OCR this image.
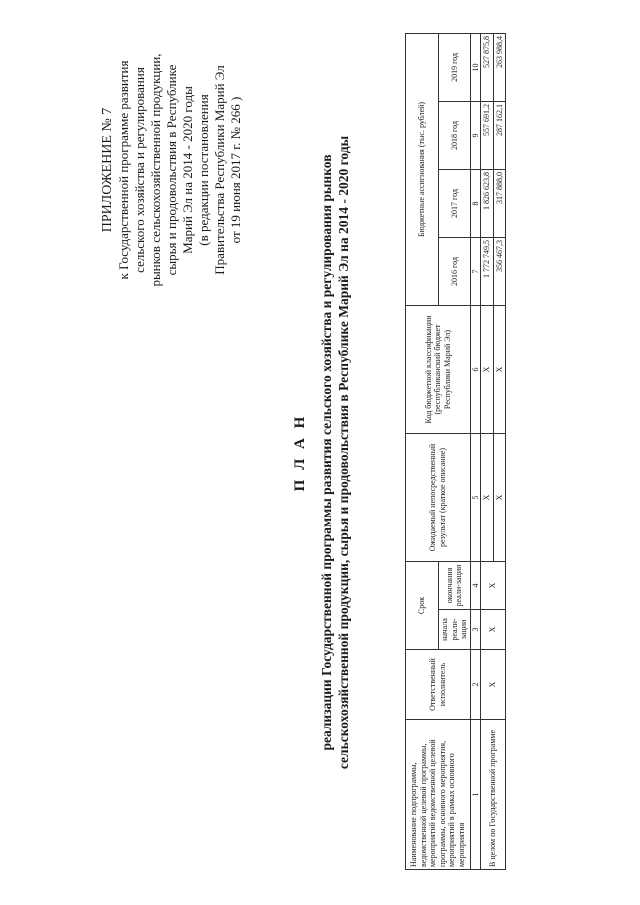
ПРИЛОЖЕНИЕ № 7 к Государственной программе развития сельского хозяйства и регулирования рынков сельскохозяйственной продукции, сырья и продовольствия в Республике Марий Эл на 2014 - 2020 годы (в редакции постановления Правительства Республики Марий Эл от 19 июня 2017 г. № 266 )
П Л А Н реализации Государственной программы развития сельского хозяйства и регулирования рынков сельскохозяйственной продукции, сырья и продовольствия в Республике Марий Эл на 2014 - 2020 годы
Наименование подпрограммы, ведомственной целевой программы, мероприятий ведомственной целевой программы, основного мероприятия, мероприятий в рамках основного мероприятия	Ответственный исполнитель	Срок		Ожидаемый непосредственный результат (краткое описание)	Код бюджетной классификации (республиканский бюджет Республики Марий Эл)	Бюджетные ассигнования (тыс. рублей)			
		начала реали-зации	окончания реали-зации			2016 год	2017 год	2018 год	2019 год
1	2	3	4	5	6	7	8	9	10
В целом по Государственной программе	X	X	X	X	X	1 772 749,5	1 826 623,8	557 691,2	527 875,8
				X	X	356 467,3	317 888,0	287 162,1	263 988,4
